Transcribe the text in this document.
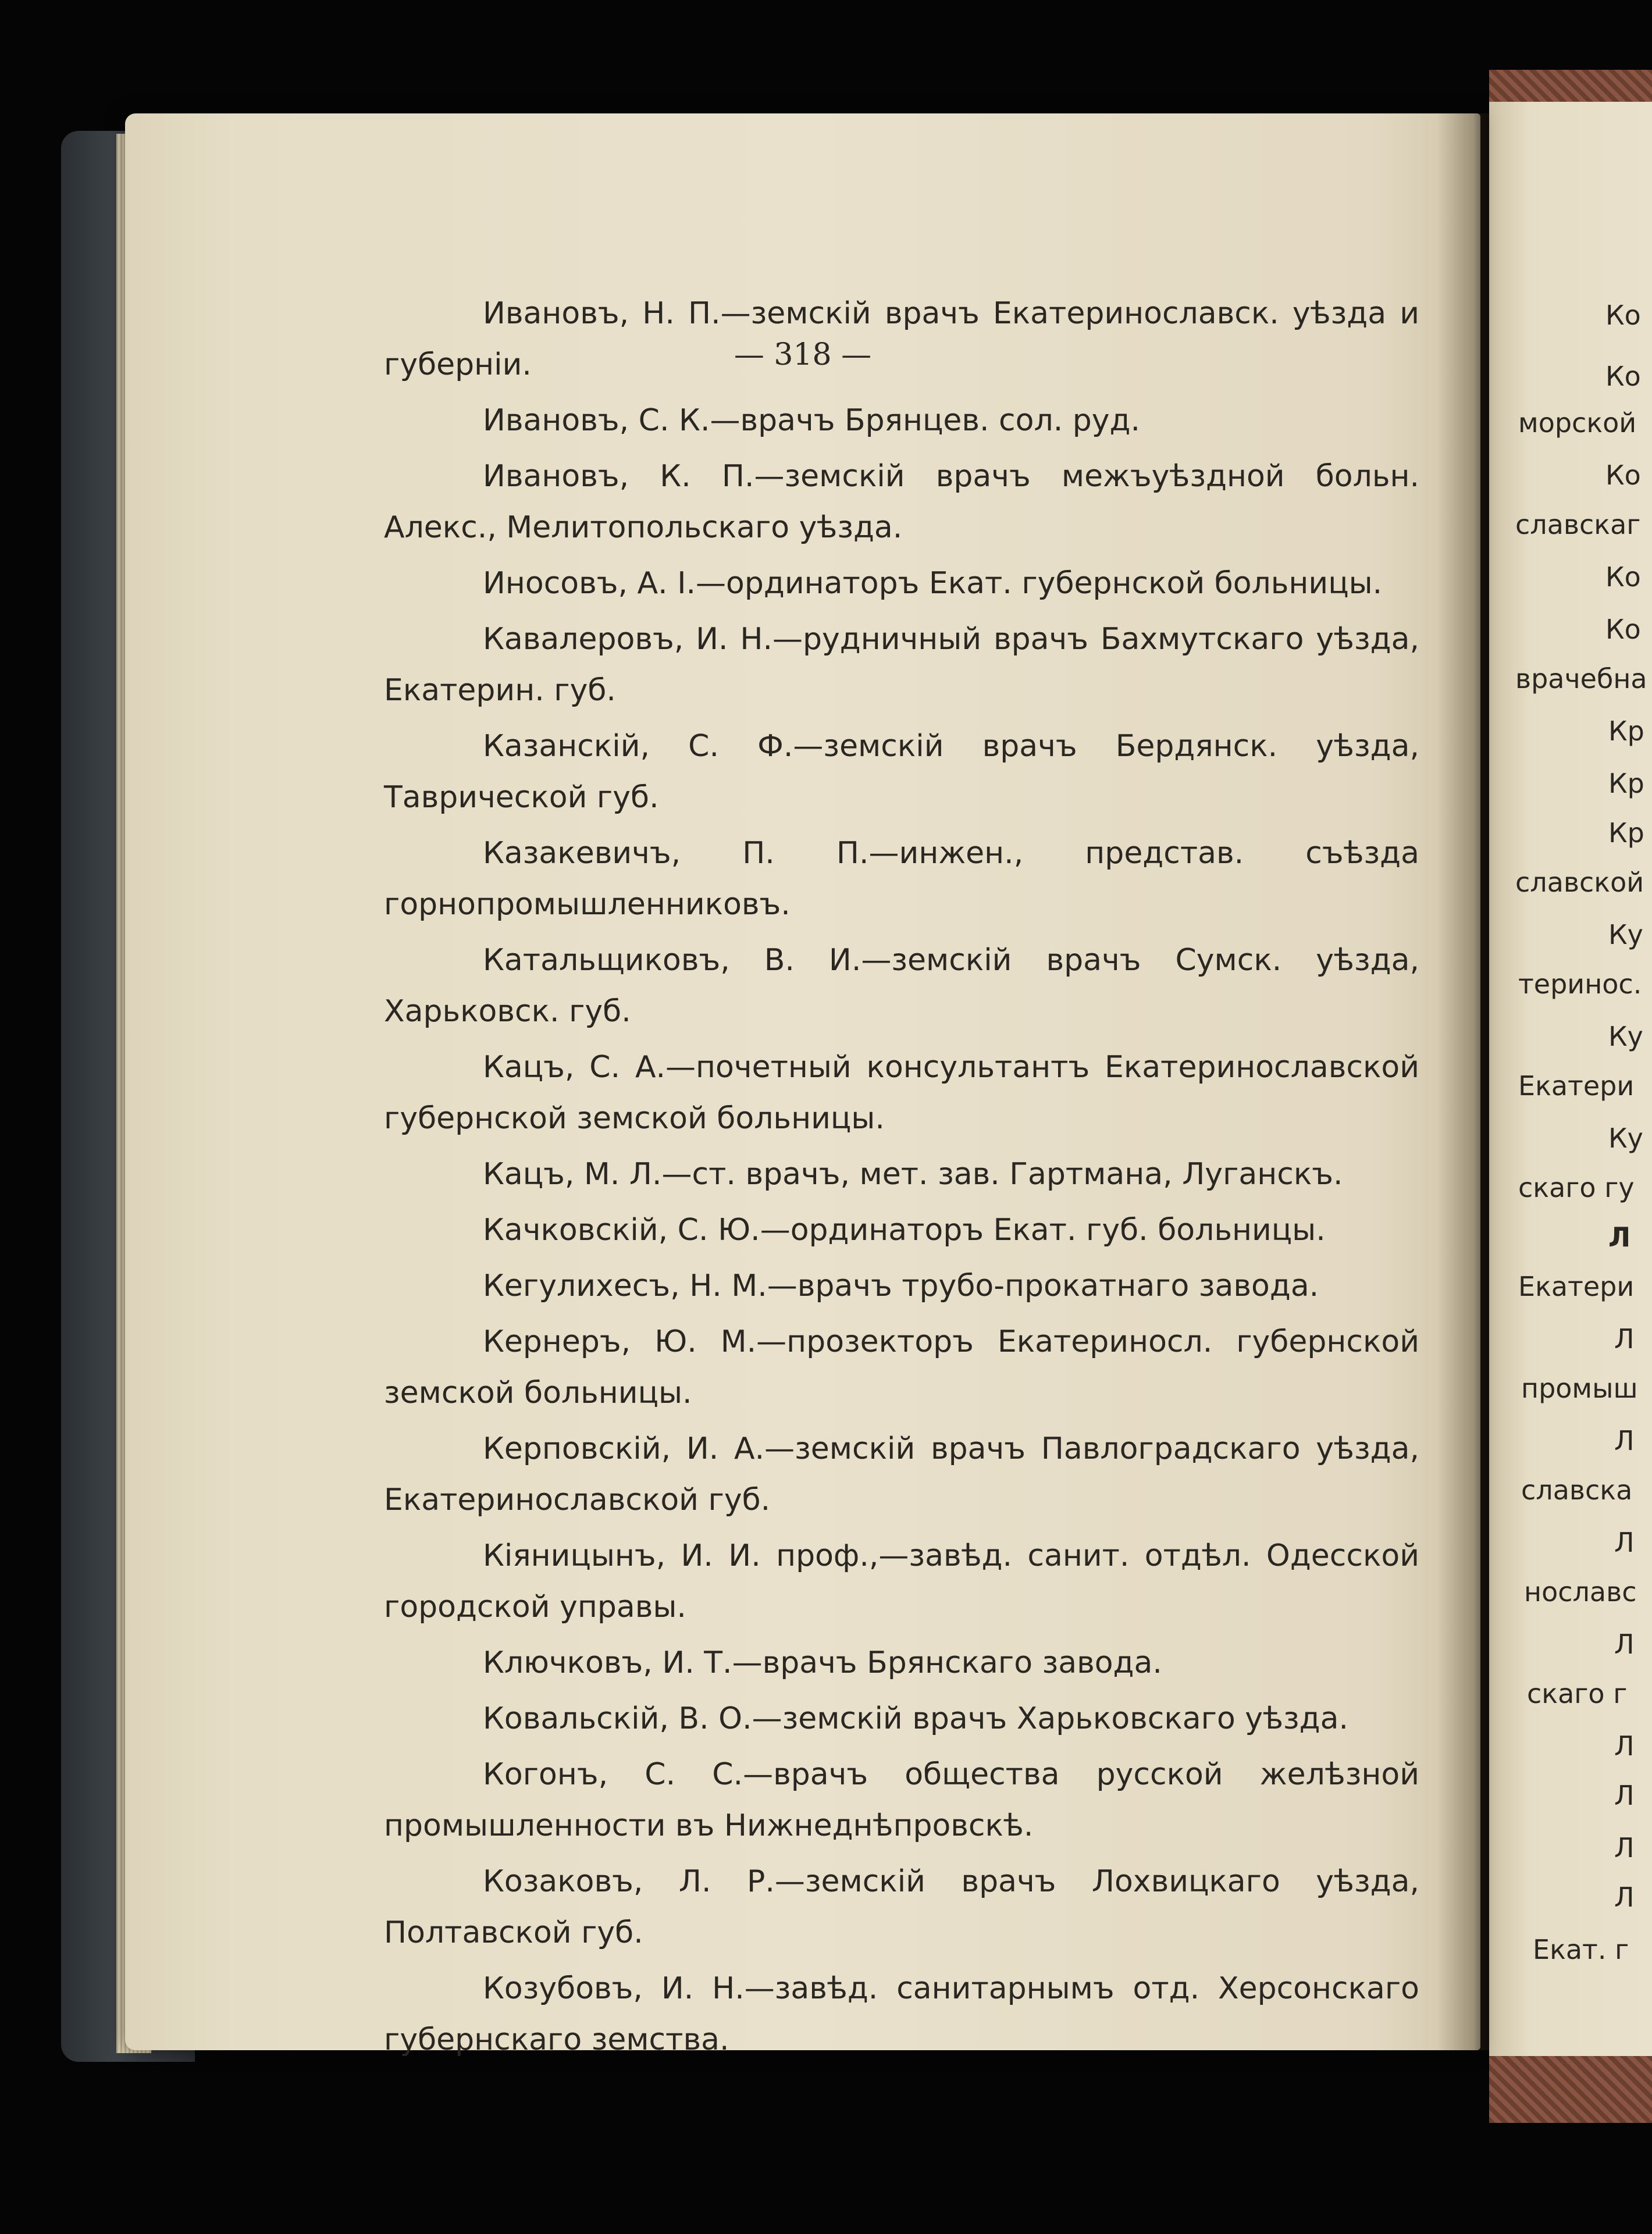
Ко
Ко
морской
Ко
славскаг
Ко
Ко
врачебна
Кр
Кр
Кр
славской
Ку
теринос.
Ку
Екатери
Ку
скаго гу
Л
Екатери
Л
промыш
Л
славска
Л
нославс
Л
скаго г
Л
Л
Л
Л
Екат. г
— 318 —

Ивановъ, Н. П.—земскій врачъ Екатеринославск. уѣзда и губерніи.

Ивановъ, С. К.—врачъ Брянцев. сол. руд.

Ивановъ, К. П.—земскій врачъ межъуѣздной больн. Алекс., Мелитопольскаго уѣзда.

Иносовъ, А. І.—ординаторъ Екат. губернской больницы.

Кавалеровъ, И. Н.—рудничный врачъ Бахмутскаго уѣзда, Екатерин. губ.

Казанскій, С. Ф.—земскій врачъ Бердянск. уѣзда, Таврической губ.

Казакевичъ, П. П.—инжен., представ. съѣзда горнопромышленниковъ.

Катальщиковъ, В. И.—земскій врачъ Сумск. уѣзда, Харьковск. губ.

Кацъ, С. А.—почетный консультантъ Екатеринославской губернской земской больницы.

Кацъ, М. Л.—ст. врачъ, мет. зав. Гартмана, Луганскъ.

Качковскій, С. Ю.—ординаторъ Екат. губ. больницы.

Кегулихесъ, Н. М.—врачъ трубо-прокатнаго завода.

Кернеръ, Ю. М.—прозекторъ Екатериносл. губернской земской больницы.

Керповскій, И. А.—земскій врачъ Павлоградскаго уѣзда, Екатеринославской губ.

Кіяницынъ, И. И. проф.,—завѣд. санит. отдѣл. Одесской городской управы.

Ключковъ, И. Т.—врачъ Брянскаго завода.

Ковальскій, В. О.—земскій врачъ Харьковскаго уѣзда.

Когонъ, С. С.—врачъ общества русской желѣзной промышленности въ Нижнеднѣпровскѣ.

Козаковъ, Л. Р.—земскій врачъ Лохвицкаго уѣзда, Полтавской губ.

Козубовъ, И. Н.—завѣд. санитарнымъ отд. Херсонскаго губернскаго земства.
